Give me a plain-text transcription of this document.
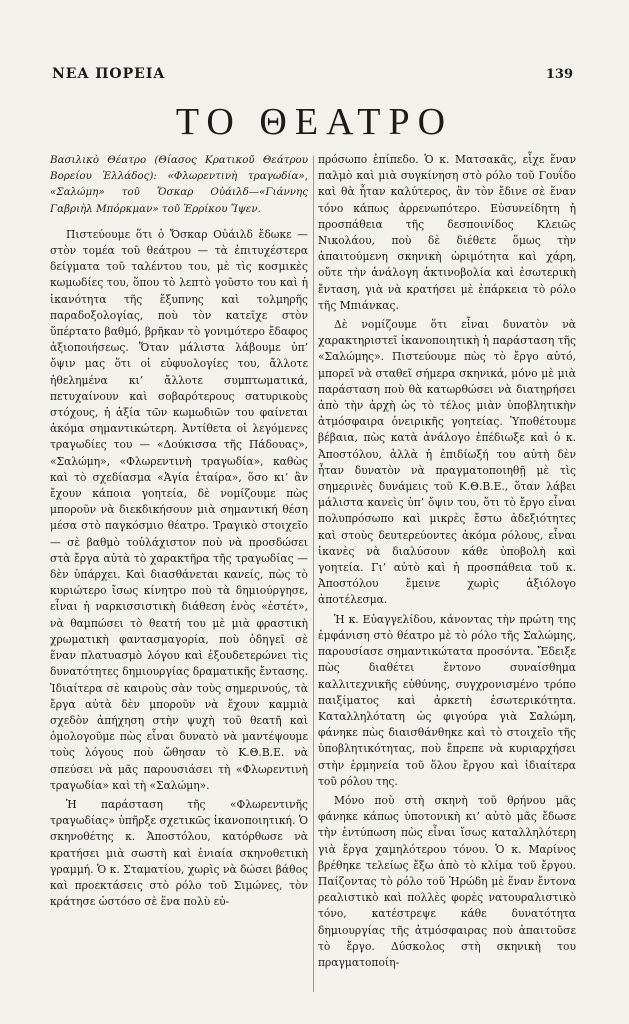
ΝΕΑ ΠΟΡΕΙΑ	139
ΤΟ ΘΕΑΤΡΟ

Βασιλικὸ Θέατρο (Θίασος Κρατικοῦ Θεάτρου Βορείου Ἑλλάδος): «Φλωρεντινὴ τραγωδία», «Σαλώμη» τοῦ Ὄσκαρ Οὐάιλδ—«Γιάννης Γαβριὴλ Μπόρκμαν» τοῦ Ἐρρίκου Ἴψεν.

Πιστεύουμε ὅτι ὁ Ὄσκαρ Οὐάιλδ ἔδωκε — στὸν τομέα τοῦ θεάτρου — τὰ ἐπιτυχέστερα δείγματα τοῦ ταλέντου του, μὲ τὶς κοσμικὲς κωμωδίες του, ὅπου τὸ λεπτὸ γοῦστο του καὶ ἡ ἱκανότητα τῆς ἔξυπνης καὶ τολμηρῆς παραδοξολογίας, ποὺ τὸν κατεῖχε στὸν ὕπέρτατο βαθμό, βρῆκαν τὸ γονιμότερο ἔδαφος ἀξιοποιήσεως. Ὅταν μάλιστα λάβουμε ὑπ’ ὄψιν μας ὅτι οἱ εὐφυολογίες του, ἄλλοτε ἠθελημένα κι’ ἄλλοτε συμπτωματικά, πετυχαίνουν καὶ σοβαρότερους σατυρικοὺς στόχους, ἡ ἀξία τῶν κωμωδιῶν του φαίνεται ἀκόμα σημαντικώτερη. Ἀντίθετα οἱ λεγόμενες τραγωδίες του — «Δούκισσα τῆς Πάδουας», «Σαλώμη», «Φλωρεντινὴ τραγωδία», καθὼς καὶ τὸ σχεδίασμα «Ἁγία ἑταίρα», ὅσο κι’ ἂν ἔχουν κάποια γοητεία, δὲ νομίζουμε πὼς μποροῦν νὰ διεκδικήσουν μιὰ σημαντική θέση μέσα στὸ παγκόσμιο θέατρο. Τραγικὸ στοιχεῖο — σὲ βαθμὸ τοὐλάχιστον ποὺ νὰ προσδώσει στὰ ἔργα αὐτὰ τὸ χαρακτῆρα τῆς τραγωδίας — δὲν ὑπάρχει. Καὶ διασθάνεται κανείς, πὼς τὸ κυριώτερο ἴσως κίνητρο ποὺ τὰ δημιούργησε, εἶναι ἡ ναρκισσιστικὴ διάθεση ἑνὸς «ἐστέτ», νὰ θαμπώσει τὸ θεατή του μὲ μιὰ φραστικὴ χρωματικὴ φαντασμαγορία, ποὺ ὁδηγεῖ σὲ ἕναν πλατυασμὸ λόγου καὶ ἐξουδετερώνει τὶς δυνατότητες δημιουργίας δραματικῆς ἔντασης. Ἰδιαίτερα σὲ καιροὺς σὰν τοὺς σημερινούς, τὰ ἔργα αὐτὰ δὲν μποροῦν νὰ ἔχουν καμμιὰ σχεδὸν ἀπήχηση στὴν ψυχὴ τοῦ θεατῆ καὶ ὁμολογοῦμε πὼς εἶναι δυνατὸ νὰ μαντέψουμε τοὺς λόγους ποὺ ὤθησαν τὸ Κ.Θ.Β.Ε. νὰ σπεύσει νὰ μᾶς παρουσιάσει τὴ «Φλωρεντινὴ τραγωδία» καὶ τὴ «Σαλώμη».

Ἡ παράσταση τῆς «Φλωρεντινῆς τραγωδίας» ὑπῆρξε σχετικῶς ἱκανοποιητική. Ὁ σκηνοθέτης κ. Ἀποστόλου, κατόρθωσε νὰ κρατήσει μιὰ σωστὴ καὶ ἑνιαία σκηνοθετικὴ γραμμή. Ὁ κ. Σταματίου, χωρὶς νὰ δώσει βάθος καὶ προεκτάσεις στὸ ρόλο τοῦ Σιμώνες, τὸν κράτησε ὡστόσο σὲ ἕνα πολὺ εὐ-

πρόσωπο ἐπίπεδο. Ὁ κ. Ματσακᾶς, εἶχε ἕναν παλμὸ καὶ μιὰ συγκίνηση στὸ ρόλο τοῦ Γουΐδο καὶ θὰ ἦταν καλύτερος, ἂν τὸν ἔδινε σὲ ἕναν τόνο κάπως ἀρρενωπότερο. Εὐσυνείδητη ἡ προσπάθεια τῆς δεσποινίδος Κλειῶς Νικολάου, ποὺ δὲ διέθετε ὅμως τὴν ἀπαιτούμενη σκηνικὴ ὡριμότητα καὶ χάρη, οὔτε τὴν ἀνάλογη ἀκτινοβολία καὶ ἐσωτερικὴ ἔνταση, γιὰ νὰ κρατήσει μὲ ἐπάρκεια τὸ ρόλο τῆς Μπιάνκας.

Δὲ νομίζουμε ὅτι εἶναι δυνατὸν νὰ χαρακτηριστεῖ ἱκανοποιητικὴ ἡ παράσταση τῆς «Σαλώμης». Πιστεύουμε πὼς τὸ ἔργο αὐτό, μπορεῖ νὰ σταθεῖ σήμερα σκηνικά, μόνο μὲ μιὰ παράσταση ποὺ θὰ κατωρθώσει νὰ διατηρήσει ἀπὸ τὴν ἀρχὴ ὡς τὸ τέλος μιὰν ὑποβλητικὴν ἀτμόσφαιρα ὀνειρικῆς γοητείας. Ὑποθέτουμε βέβαια, πὼς κατὰ ἀνάλογο ἐπέδιωξε καὶ ὁ κ. Ἀποστόλου, ἀλλὰ ἡ ἐπιδίωξή του αὐτὴ δὲν ἦταν δυνατὸν νὰ πραγματοποιηθῇ μὲ τὶς σημερινὲς δυνάμεις τοῦ Κ.Θ.Β.Ε., ὅταν λάβει μάλιστα κανεὶς ὑπ’ ὄψιν του, ὅτι τὸ ἔργο εἶναι πολυπρόσωπο καὶ μικρὲς ἔστω ἀδεξιότητες καὶ στοὺς δευτερεύοντες ἀκόμα ρόλους, εἶναι ἱκανὲς νὰ διαλύσουν κάθε ὑποβολὴ καὶ γοητεία. Γι’ αὐτὸ καὶ ἡ προσπάθεια τοῦ κ. Ἀποστόλου ἔμεινε χωρὶς ἀξιόλογο ἀποτέλεσμα.

Ἡ κ. Εὐαγγελίδου, κάνοντας τὴν πρώτη της ἐμφάνιση στὸ θέατρο μὲ τὸ ρόλο τῆς Σαλώμης, παρουσίασε σημαντικώτατα προσόντα. Ἔδειξε πὼς διαθέτει ἔντονο συναίσθημα καλλιτεχνικῆς εὐθύνης, συγχρονισμένο τρόπο παιξίματος καὶ ἀρκετὴ ἐσωτερικότητα. Καταλληλότατη ὡς φιγούρα γιὰ Σαλώμη, φάνηκε πὼς διαισθάνθηκε καὶ τὸ στοιχεῖο τῆς ὑποβλητικότητας, ποὺ ἔπρεπε νὰ κυριαρχήσει στὴν ἑρμηνεία τοῦ ὅλου ἔργου καὶ ἰδιαίτερα τοῦ ρόλου της.

Μόνο ποὺ στὴ σκηνὴ τοῦ θρήνου μᾶς φάνηκε κάπως ὑποτονικὴ κι’ αὐτὸ μᾶς ἔδωσε τὴν ἐντύπωση πὼς εἶναι ἴσως καταλληλότερη γιὰ ἔργα χαμηλότερου τόνου. Ὁ κ. Μαρίνος βρέθηκε τελείως ἔξω ἀπὸ τὸ κλίμα τοῦ ἔργου. Παίζοντας τὸ ρόλο τοῦ Ἡρώδη μὲ ἕναν ἔντονα ρεαλιστικὸ καὶ πολλὲς φορὲς νατουραλιστικὸ τόνο, κατέστρεψε κάθε δυνατότητα δημιουργίας τῆς ἀτμόσφαιρας ποὺ ἀπαιτοῦσε τὸ ἔργο. Δύσκολος στὴ σκηνικὴ του πραγματοποίη-
